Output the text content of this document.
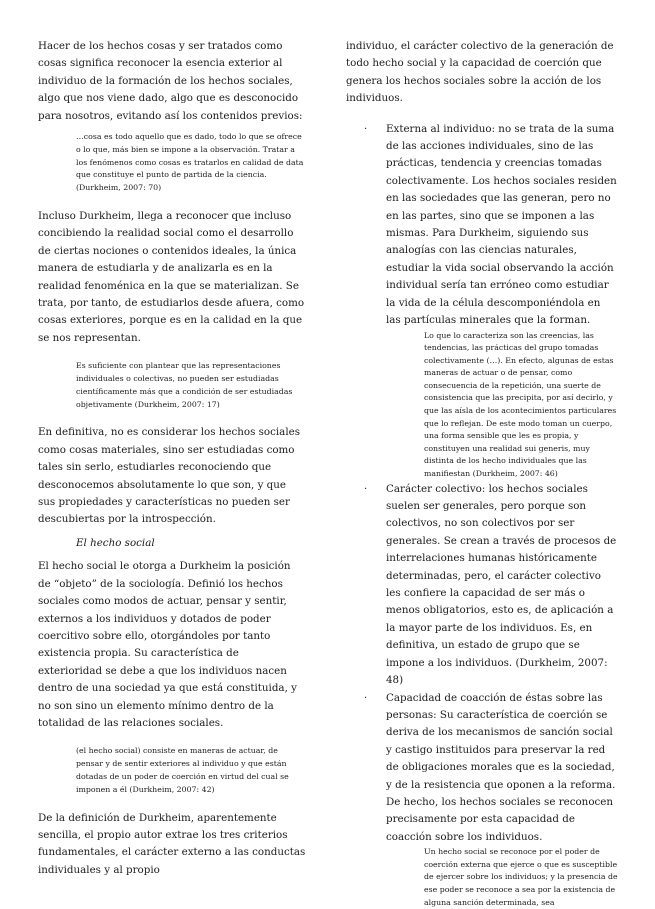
Hacer de los hechos cosas y ser tratados como cosas significa reconocer la esencia exterior al individuo de la formación de los hechos sociales, algo que nos viene dado, algo que es desconocido para nosotros, evitando así los contenidos previos:

…cosa es todo aquello que es dado, todo lo que se ofrece o lo que, más bien se impone a la observación. Tratar a los fenómenos como cosas es tratarlos en calidad de data que constituye el punto de partida de la ciencia. (Durkheim, 2007: 70)

Incluso Durkheim, llega a reconocer que incluso concibiendo la realidad social como el desarrollo de ciertas nociones o contenidos ideales, la única manera de estudiarla y de analizarla es en la realidad fenoménica en la que se materializan. Se trata, por tanto, de estudiarlos desde afuera, como cosas exteriores, porque es en la calidad en la que se nos representan.

Es suficiente con plantear que las representaciones individuales o colectivas, no pueden ser estudiadas científicamente más que a condición de ser estudiadas objetivamente (Durkheim, 2007: 17)

En definitiva, no es considerar los hechos sociales como cosas materiales, sino ser estudiadas como tales sin serlo, estudiarles reconociendo que desconocemos absolutamente lo que son, y que sus propiedades y características no pueden ser descubiertas por la introspección.

El hecho social

El hecho social le otorga a Durkheim la posición de “objeto” de la sociología. Definió los hechos sociales como modos de actuar, pensar y sentir, externos a los individuos y dotados de poder coercitivo sobre ello, otorgándoles por tanto existencia propia. Su característica de exterioridad se debe a que los individuos nacen dentro de una sociedad ya que está constituida, y no son sino un elemento mínimo dentro de la totalidad de las relaciones sociales.

(el hecho social) consiste en maneras de actuar, de pensar y de sentir exteriores al individuo y que están dotadas de un poder de coerción en virtud del cual se imponen a él (Durkheim, 2007: 42)

De la definición de Durkheim, aparentemente sencilla, el propio autor extrae los tres criterios fundamentales, el carácter externo a las conductas individuales y al propio

individuo, el carácter colectivo de la generación de todo hecho social y la capacidad de coerción que genera los hechos sociales sobre la acción de los individuos.

· Externa al individuo: no se trata de la suma de las acciones individuales, sino de las prácticas, tendencia y creencias tomadas colectivamente. Los hechos sociales residen en las sociedades que las generan, pero no en las partes, sino que se imponen a las mismas. Para Durkheim, siguiendo sus analogías con las ciencias naturales, estudiar la vida social observando la acción individual sería tan erróneo como estudiar la vida de la célula descomponiéndola en las partículas minerales que la forman.

Lo que lo caracteriza son las creencias, las tendencias, las prácticas del grupo tomadas colectivamente (…). En efecto, algunas de estas maneras de actuar o de pensar, como consecuencia de la repetición, una suerte de consistencia que las precipita, por así decirlo, y que las aísla de los acontecimientos particulares que lo reflejan. De este modo toman un cuerpo, una forma sensible que les es propia, y constituyen una realidad sui generis, muy distinta de los hecho individuales que las manifiestan (Durkheim, 2007: 46)

· Carácter colectivo: los hechos sociales suelen ser generales, pero porque son colectivos, no son colectivos por ser generales. Se crean a través de procesos de interrelaciones humanas históricamente determinadas, pero, el carácter colectivo les confiere la capacidad de ser más o menos obligatorios, esto es, de aplicación a la mayor parte de los individuos. Es, en definitiva, un estado de grupo que se impone a los individuos. (Durkheim, 2007: 48)

· Capacidad de coacción de éstas sobre las personas: Su característica de coerción se deriva de los mecanismos de sanción social y castigo instituidos para preservar la red de obligaciones morales que es la sociedad, y de la resistencia que oponen a la reforma. De hecho, los hechos sociales se reconocen precisamente por esta capacidad de coacción sobre los individuos.

Un hecho social se reconoce por el poder de coerción externa que ejerce o que es susceptible de ejercer sobre los individuos; y la presencia de ese poder se reconoce a sea por la existencia de alguna sanción determinada, sea
